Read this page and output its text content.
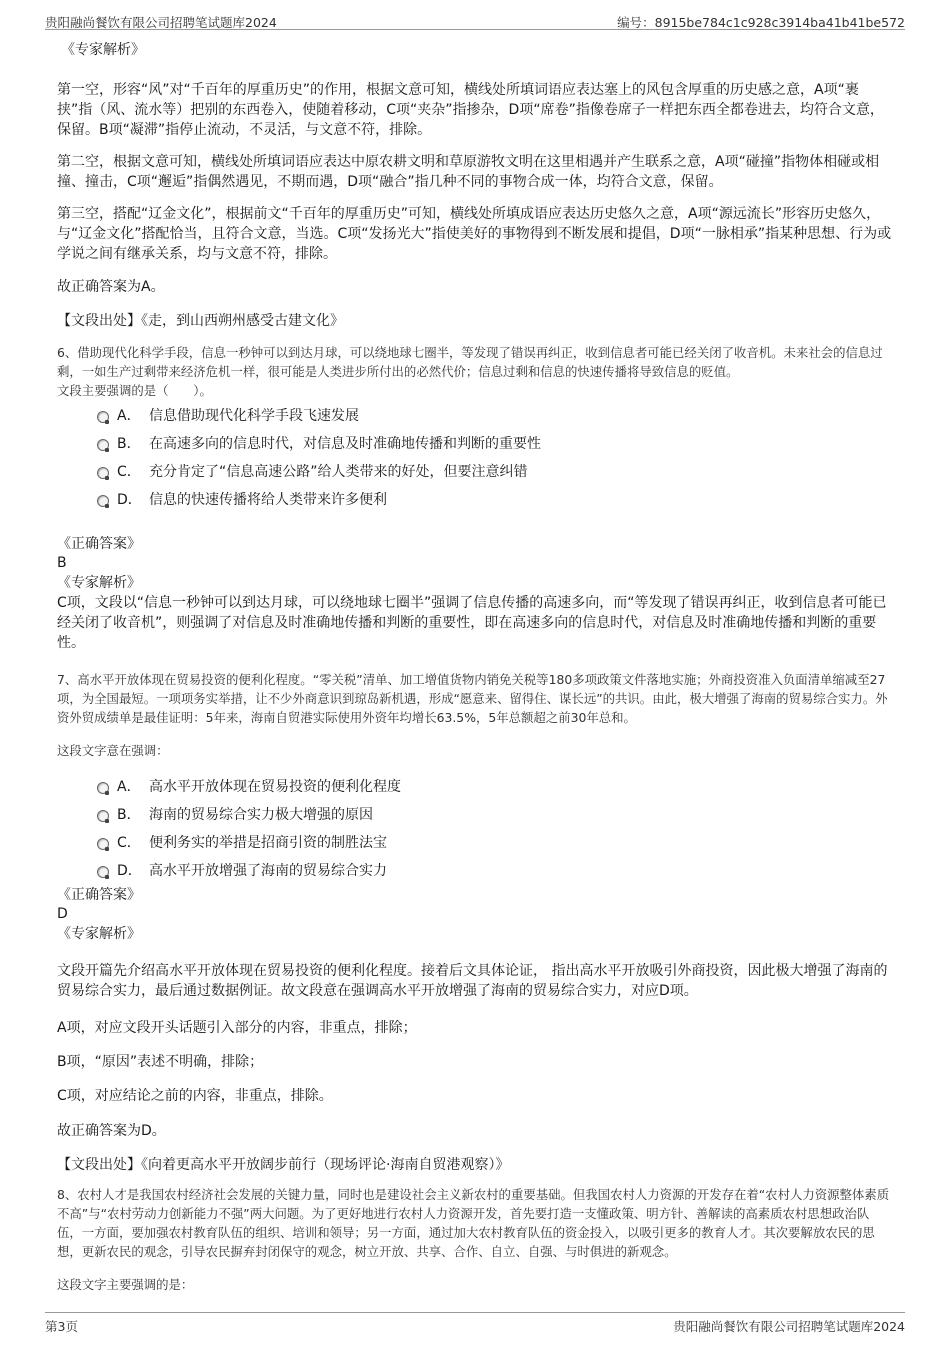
贵阳融尚餐饮有限公司招聘笔试题库2024	编号：8915be784c1c928c3914ba41b41be572

《专家解析》

第一空，形容“风”对“千百年的厚重历史”的作用，根据文意可知，横线处所填词语应表达塞上的风包含厚重的历史感之意，A项“裹挟”指（风、流水等）把别的东西卷入，使随着移动，C项“夹杂”指掺杂，D项“席卷”指像卷席子一样把东西全都卷进去，均符合文意，保留。B项“凝滞”指停止流动，不灵活，与文意不符，排除。

第二空，根据文意可知，横线处所填词语应表达中原农耕文明和草原游牧文明在这里相遇并产生联系之意，A项“碰撞”指物体相碰或相撞、撞击，C项“邂逅”指偶然遇见，不期而遇，D项“融合”指几种不同的事物合成一体，均符合文意，保留。

第三空，搭配“辽金文化”，根据前文“千百年的厚重历史”可知，横线处所填成语应表达历史悠久之意，A项“源远流长”形容历史悠久，与“辽金文化”搭配恰当，且符合文意，当选。C项“发扬光大”指使美好的事物得到不断发展和提倡，D项“一脉相承”指某种思想、行为或学说之间有继承关系，均与文意不符，排除。

故正确答案为A。

【文段出处】《走，到山西朔州感受古建文化》

6、借助现代化科学手段，信息一秒钟可以到达月球，可以绕地球七圈半，等发现了错误再纠正，收到信息者可能已经关闭了收音机。未来社会的信息过剩，一如生产过剩带来经济危机一样，很可能是人类进步所付出的必然代价；信息过剩和信息的快速传播将导致信息的贬值。

文段主要强调的是（　　）。

A． 信息借助现代化科学手段飞速发展
B． 在高速多向的信息时代，对信息及时准确地传播和判断的重要性
C． 充分肯定了“信息高速公路”给人类带来的好处，但要注意纠错
D． 信息的快速传播将给人类带来许多便利

《正确答案》

B

《专家解析》

C项，文段以“信息一秒钟可以到达月球，可以绕地球七圈半”强调了信息传播的高速多向，而“等发现了错误再纠正，收到信息者可能已经关闭了收音机”，则强调了对信息及时准确地传播和判断的重要性，即在高速多向的信息时代，对信息及时准确地传播和判断的重要性。

7、高水平开放体现在贸易投资的便利化程度。“零关税”清单、加工增值货物内销免关税等180多项政策文件落地实施；外商投资准入负面清单缩减至27项，为全国最短。一项项务实举措，让不少外商意识到琼岛新机遇，形成“愿意来、留得住、谋长远”的共识。由此，极大增强了海南的贸易综合实力。外资外贸成绩单是最佳证明：5年来，海南自贸港实际使用外资年均增长63.5%，5年总额超之前30年总和。

这段文字意在强调：

A． 高水平开放体现在贸易投资的便利化程度
B． 海南的贸易综合实力极大增强的原因
C． 便利务实的举措是招商引资的制胜法宝
D． 高水平开放增强了海南的贸易综合实力

《正确答案》

D

《专家解析》

文段开篇先介绍高水平开放体现在贸易投资的便利化程度。接着后文具体论证， 指出高水平开放吸引外商投资，因此极大增强了海南的贸易综合实力，最后通过数据例证。故文段意在强调高水平开放增强了海南的贸易综合实力，对应D项。

A项，对应文段开头话题引入部分的内容，非重点，排除；

B项，“原因”表述不明确，排除；

C项，对应结论之前的内容，非重点，排除。

故正确答案为D。

【文段出处】《向着更高水平开放阔步前行（现场评论·海南自贸港观察）》

8、农村人才是我国农村经济社会发展的关键力量，同时也是建设社会主义新农村的重要基础。但我国农村人力资源的开发存在着“农村人力资源整体素质不高”与“农村劳动力创新能力不强”两大问题。为了更好地进行农村人力资源开发，首先要打造一支懂政策、明方针、善解读的高素质农村思想政治队伍，一方面，要加强农村教育队伍的组织、培训和领导；另一方面，通过加大农村教育队伍的资金投入，以吸引更多的教育人才。其次要解放农民的思想，更新农民的观念，引导农民摒弃封闭保守的观念，树立开放、共享、合作、自立、自强、与时俱进的新观念。

这段文字主要强调的是：

第3页	贵阳融尚餐饮有限公司招聘笔试题库2024
